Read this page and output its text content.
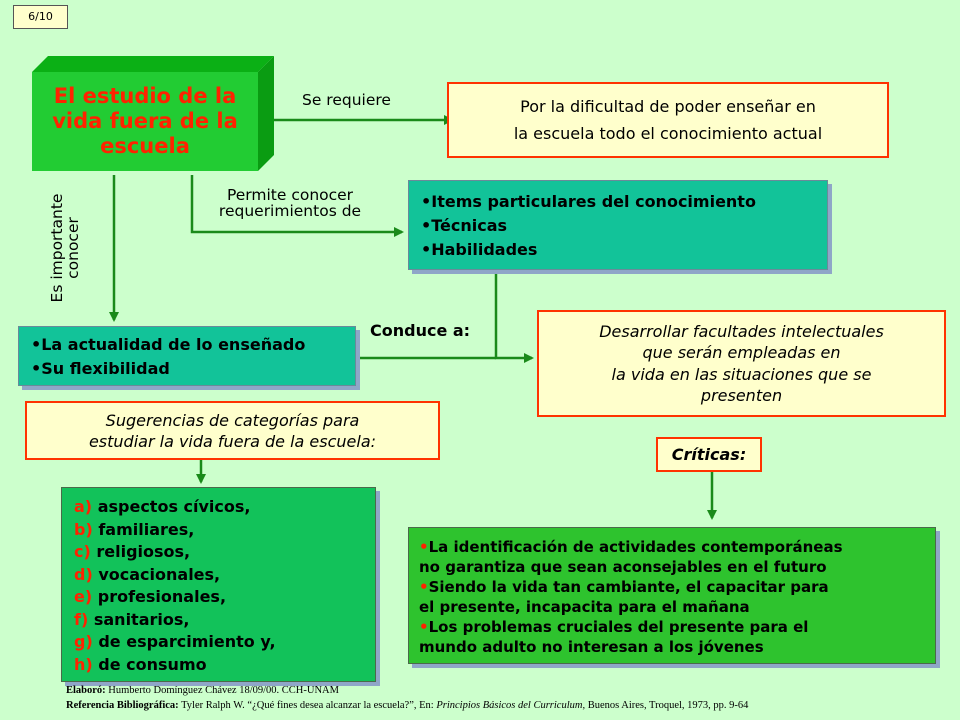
6/10
El estudio de la vida fuera de la escuela
Se requiere
Permite conocer
requerimientos de
Es importante
conocer
Conduce a:
Por la dificultad de poder enseñar en
la escuela todo el conocimiento actual
•Items particulares del conocimiento
•Técnicas
•Habilidades
•La actualidad de lo enseñado
•Su flexibilidad
Desarrollar facultades intelectuales
que serán empleadas en
la vida en las situaciones que se
presenten
Sugerencias de categorías para
estudiar la vida fuera de la escuela:
Críticas:
a) aspectos cívicos,
b) familiares,
c) religiosos,
d) vocacionales,
e) profesionales,
f) sanitarios,
g) de esparcimiento y,
h) de consumo
•La identificación de actividades contemporáneas
no garantiza que sean aconsejables en el futuro
•Siendo la vida tan cambiante, el capacitar para
el presente, incapacita para el mañana
•Los problemas cruciales del presente para el
mundo adulto no interesan a los jóvenes
Elaboró: Humberto Domínguez Chávez 18/09/00. CCH-UNAM
Referencia Bibliográfica: Tyler Ralph W. “¿Qué fines desea alcanzar la escuela?”, En: Principios Básicos del Curriculum, Buenos Aires, Troquel, 1973, pp. 9-64
